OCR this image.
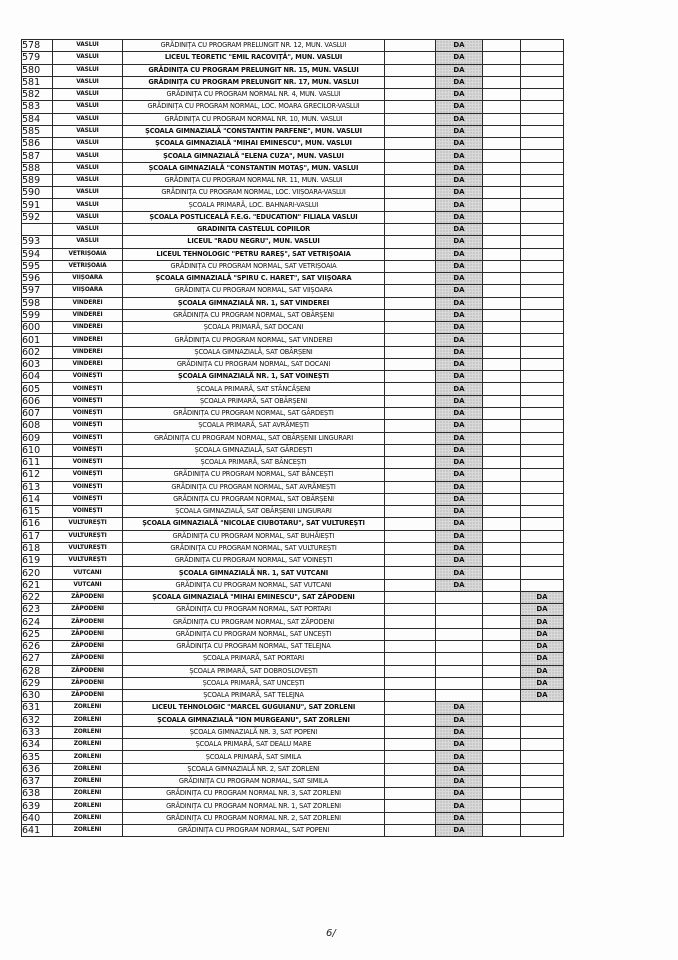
578	VASLUI	GRĂDINIȚA CU PROGRAM PRELUNGIT NR. 12, MUN. VASLUI		DA		
579	VASLUI	LICEUL TEORETIC "EMIL RACOVIȚĂ", MUN. VASLUI		DA		
580	VASLUI	GRĂDINIȚA CU PROGRAM PRELUNGIT NR. 15, MUN. VASLUI		DA		
581	VASLUI	GRĂDINIȚA CU PROGRAM PRELUNGIT NR. 17, MUN. VASLUI		DA		
582	VASLUI	GRĂDINIȚA CU PROGRAM NORMAL NR. 4, MUN. VASLUI		DA		
583	VASLUI	GRĂDINIȚA CU PROGRAM NORMAL, LOC. MOARA GRECILOR-VASLUI		DA		
584	VASLUI	GRĂDINIȚA CU PROGRAM NORMAL NR. 10, MUN. VASLUI		DA		
585	VASLUI	ȘCOALA GIMNAZIALĂ "CONSTANTIN PARFENE", MUN. VASLUI		DA		
586	VASLUI	ȘCOALA GIMNAZIALĂ "MIHAI EMINESCU", MUN. VASLUI		DA		
587	VASLUI	ȘCOALA GIMNAZIALĂ "ELENA CUZA", MUN. VASLUI		DA		
588	VASLUI	ȘCOALA GIMNAZIALĂ "CONSTANTIN MOTAȘ", MUN. VASLUI		DA		
589	VASLUI	GRĂDINIȚA CU PROGRAM NORMAL NR. 11, MUN. VASLUI		DA		
590	VASLUI	GRĂDINIȚA CU PROGRAM NORMAL, LOC. VIIȘOARA-VASLUI		DA		
591	VASLUI	ȘCOALA PRIMARĂ, LOC. BAHNARI-VASLUI		DA		
592	VASLUI	ȘCOALA POSTLICEALĂ F.E.G. "EDUCATION" FILIALA VASLUI		DA		
	VASLUI	GRADINITA CASTELUL COPIILOR		DA		
593	VASLUI	LICEUL "RADU NEGRU", MUN. VASLUI		DA		
594	VETRIȘOAIA	LICEUL TEHNOLOGIC "PETRU RAREȘ", SAT VETRIȘOAIA		DA		
595	VETRIȘOAIA	GRĂDINIȚA CU PROGRAM NORMAL, SAT VETRIȘOAIA		DA		
596	VIIȘOARA	ȘCOALA GIMNAZIALĂ "SPIRU C. HARET", SAT VIIȘOARA		DA		
597	VIIȘOARA	GRĂDINIȚA CU PROGRAM NORMAL, SAT VIIȘOARA		DA		
598	VINDEREI	ȘCOALA GIMNAZIALĂ NR. 1, SAT VINDEREI		DA		
599	VINDEREI	GRĂDINIȚA CU PROGRAM NORMAL, SAT OBÂRȘENI		DA		
600	VINDEREI	ȘCOALA PRIMARĂ, SAT DOCANI		DA		
601	VINDEREI	GRĂDINIȚA CU PROGRAM NORMAL, SAT VINDEREI		DA		
602	VINDEREI	ȘCOALA GIMNAZIALĂ, SAT OBÂRȘENI		DA		
603	VINDEREI	GRĂDINIȚA CU PROGRAM NORMAL, SAT DOCANI		DA		
604	VOINEȘTI	ȘCOALA GIMNAZIALĂ NR. 1, SAT VOINEȘTI		DA		
605	VOINEȘTI	ȘCOALA PRIMARĂ, SAT STÂNCĂȘENI		DA		
606	VOINEȘTI	ȘCOALA PRIMARĂ, SAT OBÂRȘENI		DA		
607	VOINEȘTI	GRĂDINIȚA CU PROGRAM NORMAL, SAT GÂRDEȘTI		DA		
608	VOINEȘTI	ȘCOALA PRIMARĂ, SAT AVRĂMEȘTI		DA		
609	VOINEȘTI	GRĂDINIȚA CU PROGRAM NORMAL, SAT OBÂRȘENII LINGURARI		DA		
610	VOINEȘTI	ȘCOALA GIMNAZIALĂ, SAT GÂRDEȘTI		DA		
611	VOINEȘTI	ȘCOALA PRIMARĂ, SAT BÂNCEȘTI		DA		
612	VOINEȘTI	GRĂDINIȚA CU PROGRAM NORMAL, SAT BÂNCEȘTI		DA		
613	VOINEȘTI	GRĂDINIȚA CU PROGRAM NORMAL, SAT AVRĂMEȘTI		DA		
614	VOINEȘTI	GRĂDINIȚA CU PROGRAM NORMAL, SAT OBÂRȘENI		DA		
615	VOINEȘTI	ȘCOALA GIMNAZIALĂ, SAT OBÂRȘENII LINGURARI		DA		
616	VULTUREȘTI	ȘCOALA GIMNAZIALĂ "NICOLAE CIUBOTARU", SAT VULTUREȘTI		DA		
617	VULTUREȘTI	GRĂDINIȚA CU PROGRAM NORMAL, SAT BUHĂIEȘTI		DA		
618	VULTUREȘTI	GRĂDINIȚA CU PROGRAM NORMAL, SAT VULTUREȘTI		DA		
619	VULTUREȘTI	GRĂDINIȚA CU PROGRAM NORMAL, SAT VOINEȘTI		DA		
620	VUTCANI	ȘCOALA GIMNAZIALĂ NR. 1, SAT VUTCANI		DA		
621	VUTCANI	GRĂDINIȚA CU PROGRAM NORMAL, SAT VUTCANI		DA		
622	ZĂPODENI	ȘCOALA GIMNAZIALĂ "MIHAI EMINESCU", SAT ZĂPODENI				DA
623	ZĂPODENI	GRĂDINIȚA CU PROGRAM NORMAL, SAT PORTARI				DA
624	ZĂPODENI	GRĂDINIȚA CU PROGRAM NORMAL, SAT ZĂPODENI				DA
625	ZĂPODENI	GRĂDINIȚA CU PROGRAM NORMAL, SAT UNCEȘTI				DA
626	ZĂPODENI	GRĂDINIȚA CU PROGRAM NORMAL, SAT TELEJNA				DA
627	ZĂPODENI	ȘCOALA PRIMARĂ, SAT PORTARI				DA
628	ZĂPODENI	ȘCOALA PRIMARĂ, SAT DOBROSLOVEȘTI				DA
629	ZĂPODENI	ȘCOALA PRIMARĂ, SAT UNCEȘTI				DA
630	ZĂPODENI	ȘCOALA PRIMARĂ, SAT TELEJNA				DA
631	ZORLENI	LICEUL TEHNOLOGIC "MARCEL GUGUIANU", SAT ZORLENI		DA		
632	ZORLENI	ȘCOALA GIMNAZIALĂ "ION MURGEANU", SAT ZORLENI		DA		
633	ZORLENI	ȘCOALA GIMNAZIALĂ NR. 3, SAT POPENI		DA		
634	ZORLENI	ȘCOALA PRIMARĂ, SAT DEALU MARE		DA		
635	ZORLENI	ȘCOALA PRIMARĂ, SAT SIMILA		DA		
636	ZORLENI	ȘCOALA GIMNAZIALĂ NR. 2, SAT ZORLENI		DA		
637	ZORLENI	GRĂDINIȚA CU PROGRAM NORMAL, SAT SIMILA		DA		
638	ZORLENI	GRĂDINIȚA CU PROGRAM NORMAL NR. 3, SAT ZORLENI		DA		
639	ZORLENI	GRĂDINIȚA CU PROGRAM NORMAL NR. 1, SAT ZORLENI		DA		
640	ZORLENI	GRĂDINIȚA CU PROGRAM NORMAL NR. 2, SAT ZORLENI		DA		
641	ZORLENI	GRĂDINIȚA CU PROGRAM NORMAL, SAT POPENI		DA		
6/
